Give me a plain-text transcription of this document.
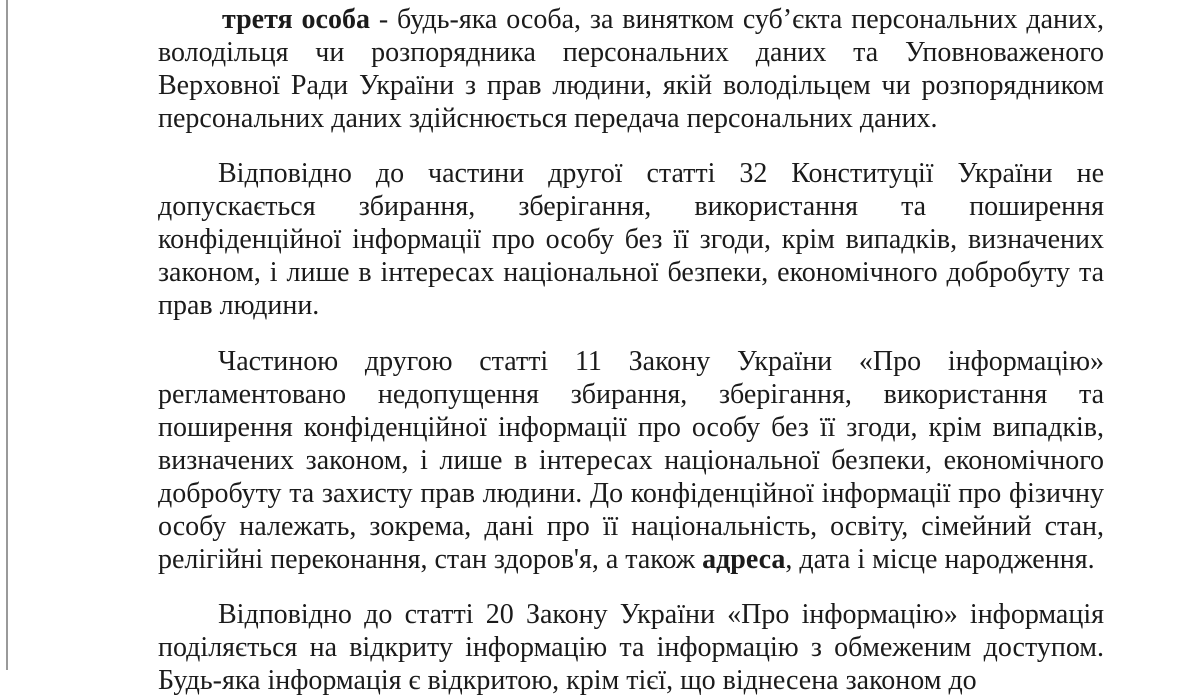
третя особа - будь-яка особа, за винятком суб’єкта персональних даних, володільця чи розпорядника персональних даних та Уповноваженого Верховної Ради України з прав людини, якій володільцем чи розпорядником персональних даних здійснюється передача персональних даних.

Відповідно до частини другої статті 32 Конституції України не допускається збирання, зберігання, використання та поширення конфіденційної інформації про особу без її згоди, крім випадків, визначених законом, і лише в інтересах національної безпеки, економічного добробуту та прав людини.

Частиною другою статті 11 Закону України «Про інформацію» регламентовано недопущення збирання, зберігання, використання та поширення конфіденційної інформації про особу без її згоди, крім випадків, визначених законом, і лише в інтересах національної безпеки, економічного добробуту та захисту прав людини. До конфіденційної інформації про фізичну особу належать, зокрема, дані про її національність, освіту, сімейний стан, релігійні переконання, стан здоров'я, а також адреса, дата і місце народження.

Відповідно до статті 20 Закону України «Про інформацію» інформація поділяється на відкриту інформацію та інформацію з обмеженим доступом. Будь-яка інформація є відкритою, крім тієї, що віднесена законом до
